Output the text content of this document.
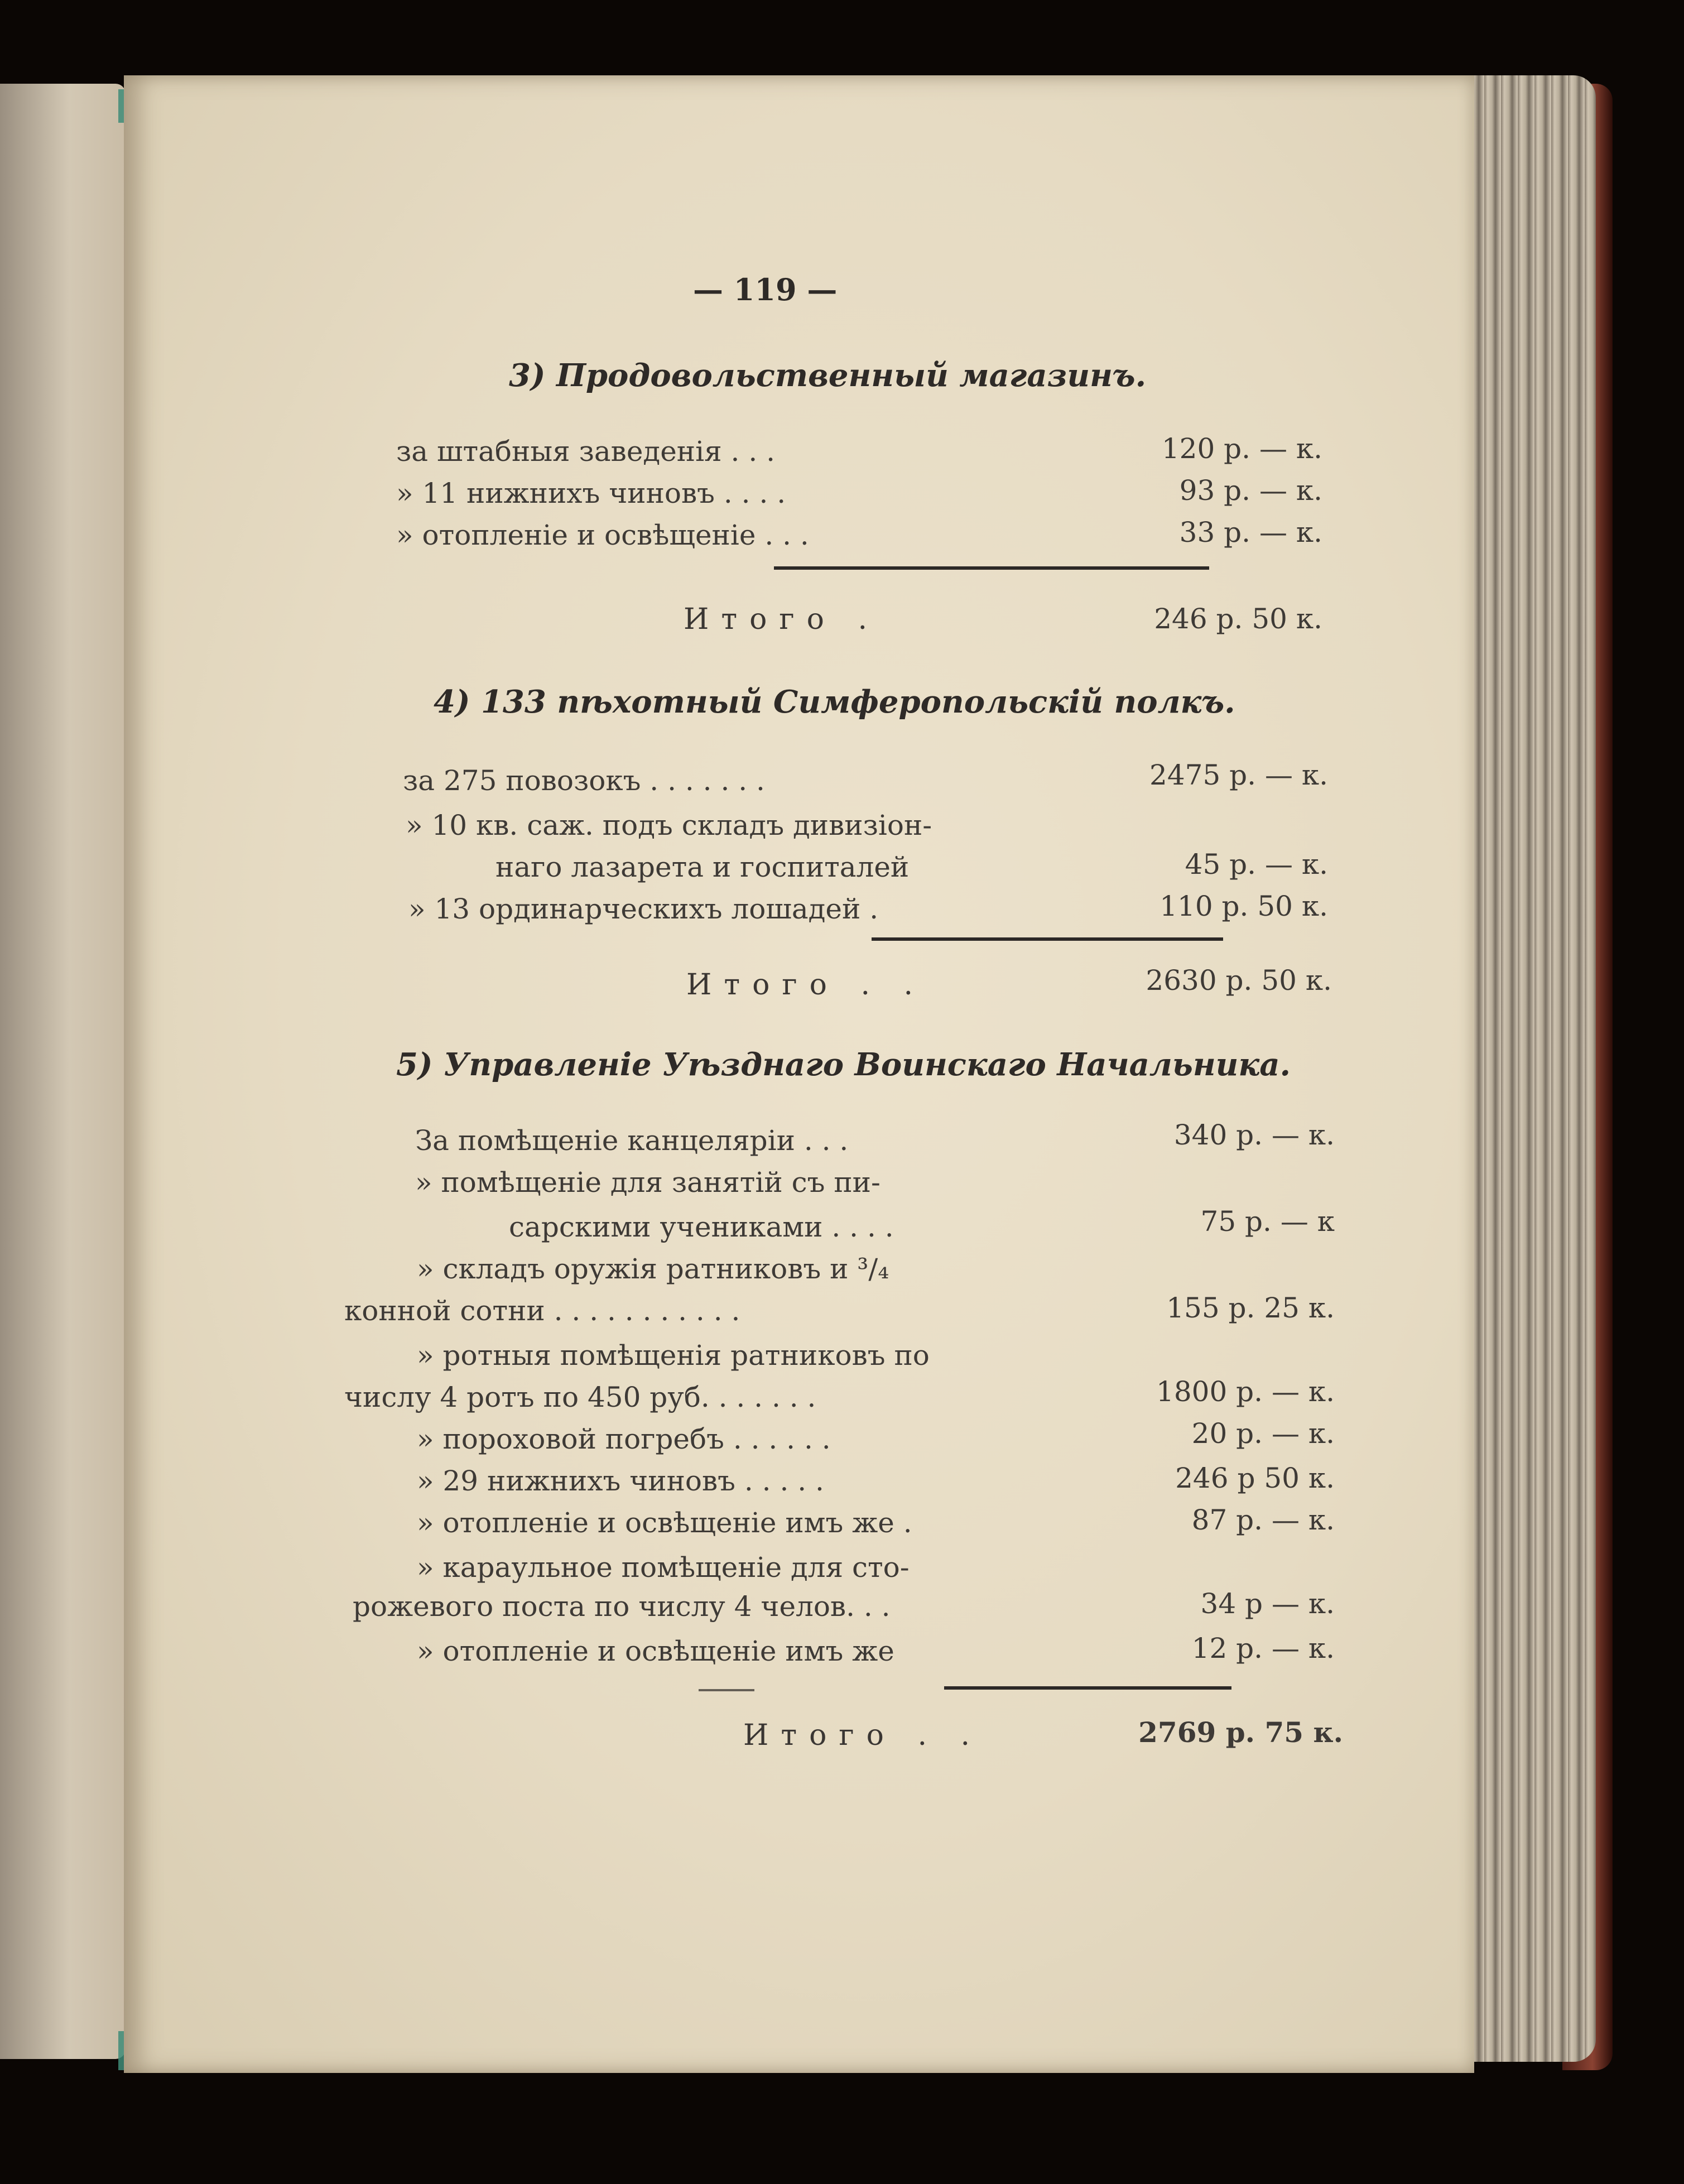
— 119 —
3) Продовольственный магазинъ.
за штабныя заведенія . . .	120 р. — к.
» 11 нижнихъ чиновъ . . . .	93 р. — к.
» отопленіе и освѣщеніе . . .	33 р. — к.
Итого .	246 р. 50 к.
4) 133 пѣхотный Симферопольскій полкъ.
за 275 повозокъ . . . . . . .	2475 р. — к.
» 10 кв. саж. подъ складъ дивизіон-
наго лазарета и госпиталей	45 р. — к.
» 13 ординарческихъ лошадей .	110 р. 50 к.
Итого . .	2630 р. 50 к.
5) Управленіе Уѣзднаго Воинскаго Начальника.
За помѣщеніе канцеляріи . . .	340 р. — к.
» помѣщеніе для занятій съ пи-
сарскими учениками . . . .	75 р. — к
» складъ оружія ратниковъ и ³/₄
конной сотни . . . . . . . . . . .	155 р. 25 к.
» ротныя помѣщенія ратниковъ по
числу 4 ротъ по 450 руб. . . . . . .	1800 р. — к.
» пороховой погребъ . . . . . .	20 р. — к.
» 29 нижнихъ чиновъ . . . . .	246 р 50 к.
» отопленіе и освѣщеніе имъ же .	87 р. — к.
» караульное помѣщеніе для сто-
рожевого поста по числу 4 челов. . .	34 р — к.
» отопленіе и освѣщеніе имъ же	12 р. — к.
Итого . .	2769 р. 75 к.
